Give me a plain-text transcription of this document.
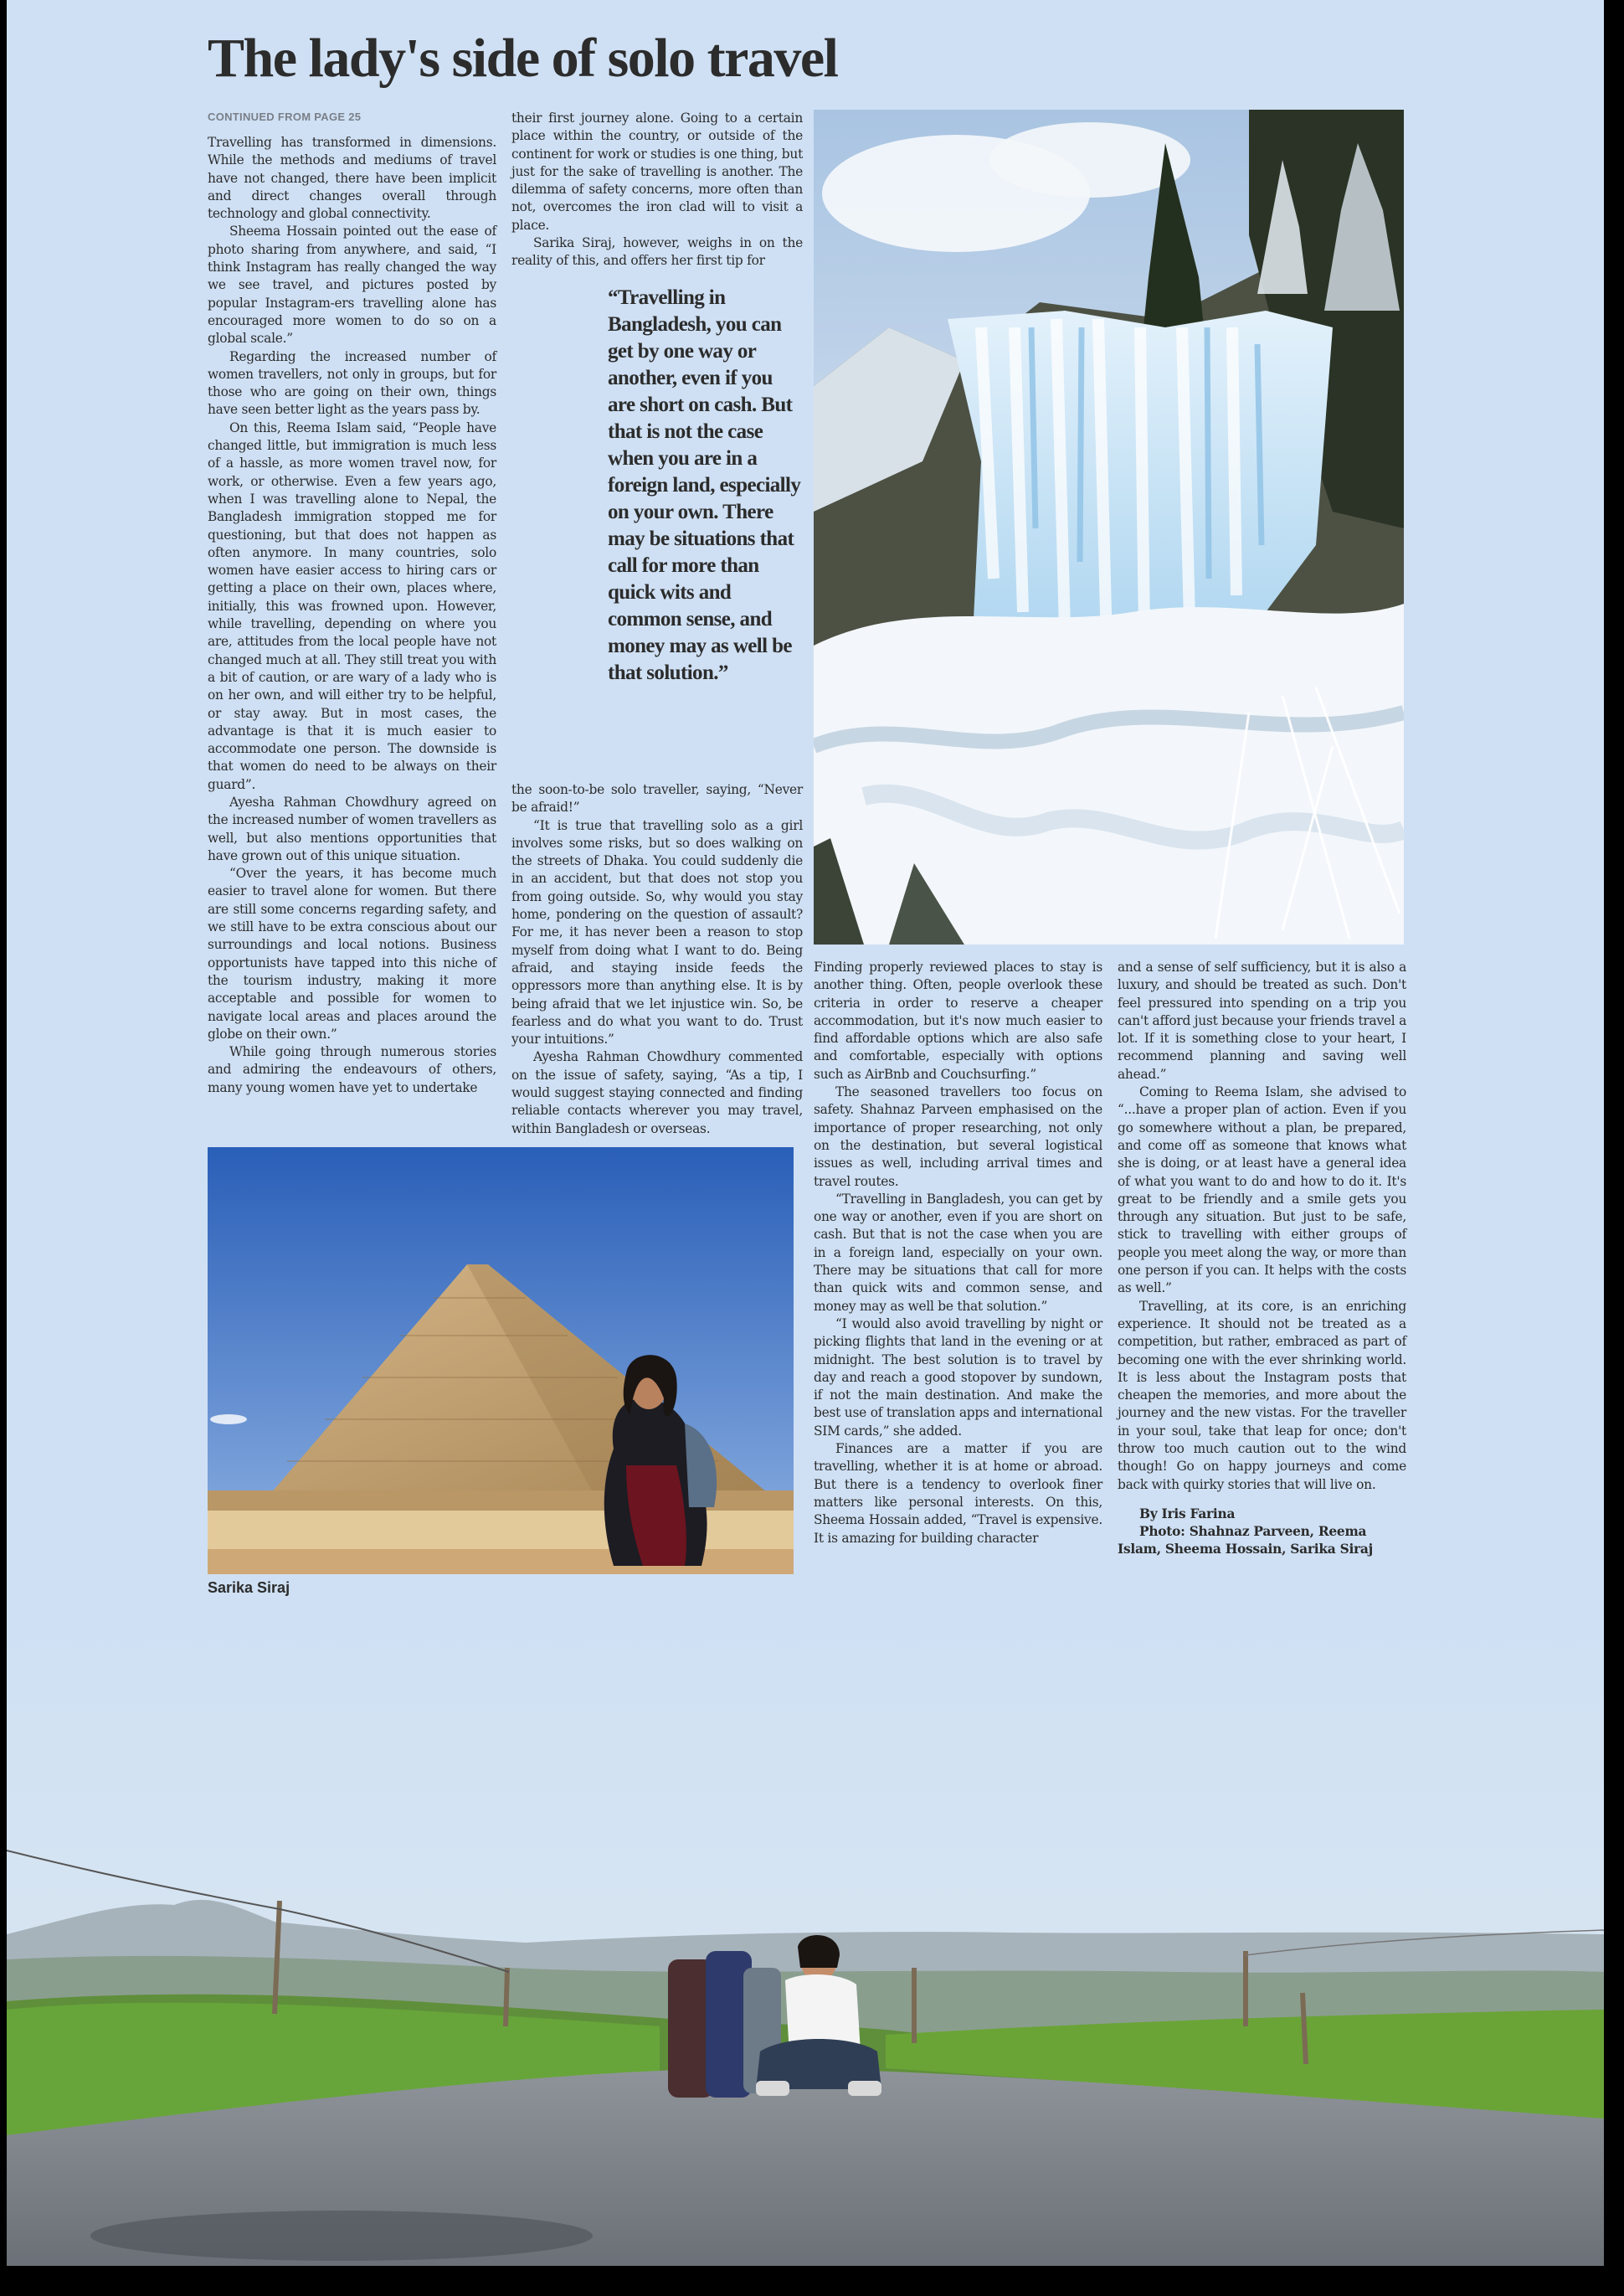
The lady's side of solo travel

CONTINUED FROM PAGE 25

Travelling has transformed in dimensions. While the methods and mediums of travel have not changed, there have been implicit and direct changes overall through technology and global connectivity.

Sheema Hossain pointed out the ease of photo sharing from anywhere, and said, “I think Instagram has really changed the way we see travel, and pictures posted by popular Instagram-ers travelling alone has encouraged more women to do so on a global scale.”

Regarding the increased number of women travellers, not only in groups, but for those who are going on their own, things have seen better light as the years pass by.

On this, Reema Islam said, “People have changed little, but immigration is much less of a hassle, as more women travel now, for work, or otherwise. Even a few years ago, when I was travelling alone to Nepal, the Bangladesh immigration stopped me for questioning, but that does not happen as often anymore. In many countries, solo women have easier access to hiring cars or getting a place on their own, places where, initially, this was frowned upon. However, while travelling, depending on where you are, attitudes from the local people have not changed much at all. They still treat you with a bit of caution, or are wary of a lady who is on her own, and will either try to be helpful, or stay away. But in most cases, the advantage is that it is much easier to accommodate one person. The downside is that women do need to be always on their guard”.

Ayesha Rahman Chowdhury agreed on the increased number of women travellers as well, but also mentions opportunities that have grown out of this unique situation.

“Over the years, it has become much easier to travel alone for women. But there are still some concerns regarding safety, and we still have to be extra conscious about our surroundings and local notions. Business opportunists have tapped into this niche of the tourism industry, making it more acceptable and possible for women to navigate local areas and places around the globe on their own.”

While going through numerous stories and admiring the endeavours of others, many young women have yet to undertake

their first journey alone. Going to a certain place within the country, or outside of the continent for work or studies is one thing, but just for the sake of travelling is another. The dilemma of safety concerns, more often than not, overcomes the iron clad will to visit a place.

Sarika Siraj, however, weighs in on the reality of this, and offers her first tip for

“Travelling in Bangladesh, you can get by one way or another, even if you are short on cash. But that is not the case when you are in a foreign land, especially on your own. There may be situations that call for more than quick wits and common sense, and money may as well be that solution.”

the soon-to-be solo traveller, saying, “Never be afraid!”

“It is true that travelling solo as a girl involves some risks, but so does walking on the streets of Dhaka. You could suddenly die in an accident, but that does not stop you from going outside. So, why would you stay home, pondering on the question of assault? For me, it has never been a reason to stop myself from doing what I want to do. Being afraid, and staying inside feeds the oppressors more than anything else. It is by being afraid that we let injustice win. So, be fearless and do what you want to do. Trust your intuitions.”

Ayesha Rahman Chowdhury commented on the issue of safety, saying, “As a tip, I would suggest staying connected and finding reliable contacts wherever you may travel, within Bangladesh or overseas.

Sarika Siraj

Finding properly reviewed places to stay is another thing. Often, people overlook these criteria in order to reserve a cheaper accommodation, but it's now much easier to find affordable options which are also safe and comfortable, especially with options such as AirBnb and Couchsurfing.”

The seasoned travellers too focus on safety. Shahnaz Parveen emphasised on the importance of proper researching, not only on the destination, but several logistical issues as well, including arrival times and travel routes.

“Travelling in Bangladesh, you can get by one way or another, even if you are short on cash. But that is not the case when you are in a foreign land, especially on your own. There may be situations that call for more than quick wits and common sense, and money may as well be that solution.”

“I would also avoid travelling by night or picking flights that land in the evening or at midnight. The best solution is to travel by day and reach a good stopover by sundown, if not the main destination. And make the best use of translation apps and international SIM cards,” she added.

Finances are a matter if you are travelling, whether it is at home or abroad. But there is a tendency to overlook finer matters like personal interests. On this, Sheema Hossain added, “Travel is expensive. It is amazing for building character

and a sense of self sufficiency, but it is also a luxury, and should be treated as such. Don't feel pressured into spending on a trip you can't afford just because your friends travel a lot. If it is something close to your heart, I recommend planning and saving well ahead.”

Coming to Reema Islam, she advised to “...have a proper plan of action. Even if you go somewhere without a plan, be prepared, and come off as someone that knows what she is doing, or at least have a general idea of what you want to do and how to do it. It's great to be friendly and a smile gets you through any situation. But just to be safe, stick to travelling with either groups of people you meet along the way, or more than one person if you can. It helps with the costs as well.”

Travelling, at its core, is an enriching experience. It should not be treated as a competition, but rather, embraced as part of becoming one with the ever shrinking world. It is less about the Instagram posts that cheapen the memories, and more about the journey and the new vistas. For the traveller in your soul, take that leap for once; don't throw too much caution out to the wind though! Go on happy journeys and come back with quirky stories that will live on.

By Iris Farina

Photo: Shahnaz Parveen, Reema Islam, Sheema Hossain, Sarika Siraj
